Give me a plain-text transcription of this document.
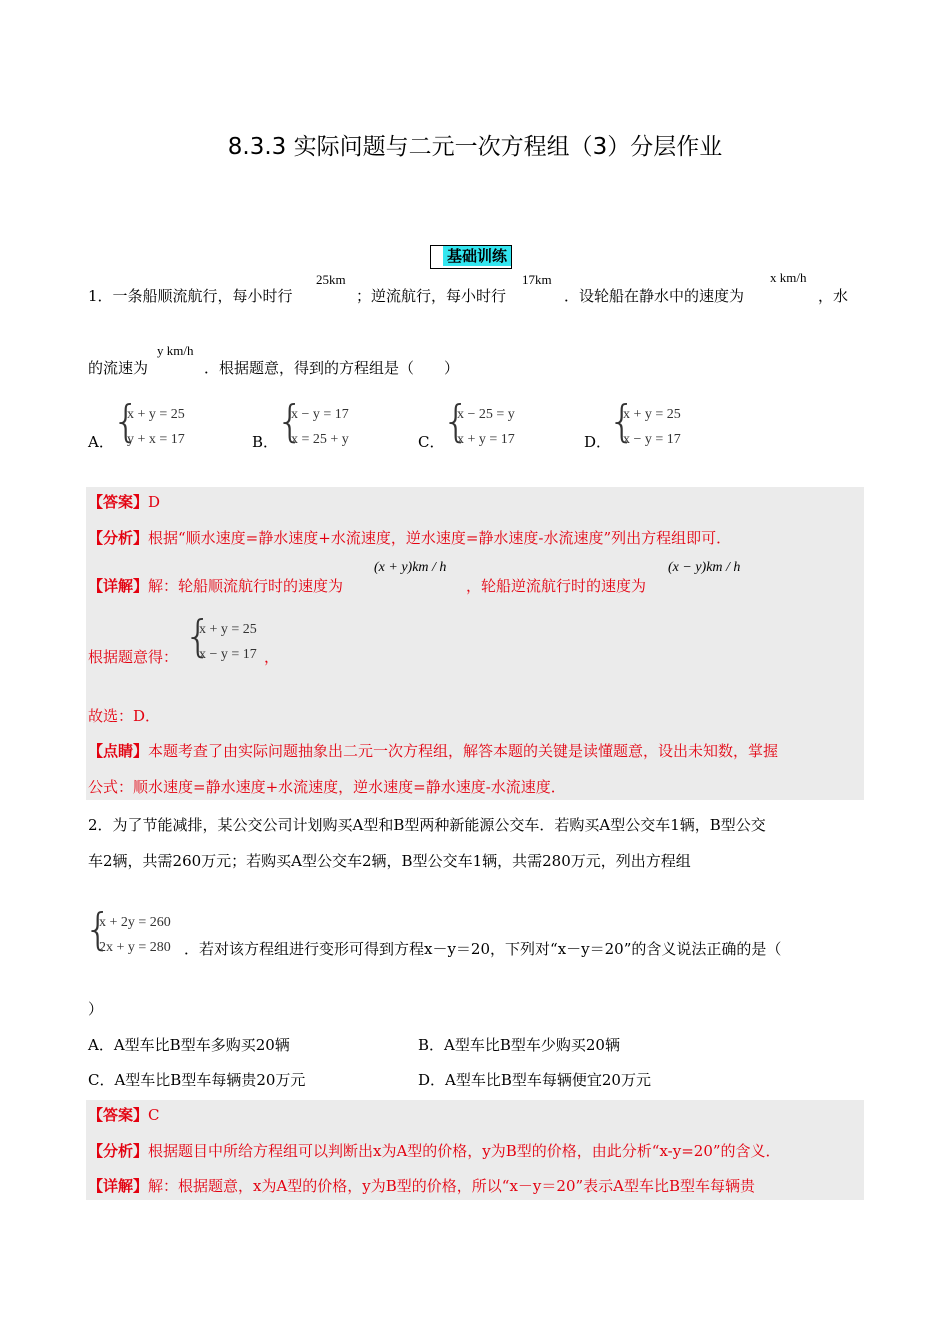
8.3.3 实际问题与二元一次方程组（3）分层作业
基础训练
1．一条船顺流航行，每小时行
25km
；逆流航行，每小时行
17km
．设轮船在静水中的速度为
x km/h
，水
的流速为
y km/h
．根据题意，得到的方程组是（　　）
A．
{
x + y = 25
y + x = 17	B．
{
x − y = 17
x = 25 + y	C．
{
x − 25 = y
x + y = 17	D．
{
x + y = 25
x − y = 17
【答案】D
【分析】根据“顺水速度=静水速度+水流速度，逆水速度=静水速度-水流速度”列出方程组即可．
【详解】解：轮船顺流航行时的速度为
(x + y)km / h
，轮船逆流航行时的速度为
(x − y)km / h
根据题意得： {
x + y = 25
x − y = 17 ，
故选：D．
【点睛】本题考查了由实际问题抽象出二元一次方程组，解答本题的关键是读懂题意，设出未知数，掌握
公式：顺水速度=静水速度+水流速度，逆水速度=静水速度-水流速度．
2．为了节能减排，某公交公司计划购买A型和B型两种新能源公交车．若购买A型公交车1辆，B型公交
车2辆，共需260万元；若购买A型公交车2辆，B型公交车1辆，共需280万元，列出方程组
{
x + 2y = 260
2x + y = 280 ．若对该方程组进行变形可得到方程x－y＝20，下列对“x－y＝20”的含义说法正确的是（
）
A．A型车比B型车多购买20辆	B．A型车比B型车少购买20辆
C．A型车比B型车每辆贵20万元	D．A型车比B型车每辆便宜20万元
【答案】C
【分析】根据题目中所给方程组可以判断出x为A型的价格，y为B型的价格，由此分析“x-y=20”的含义．
【详解】解：根据题意，x为A型的价格，y为B型的价格，所以“x－y＝20”表示A型车比B型车每辆贵
